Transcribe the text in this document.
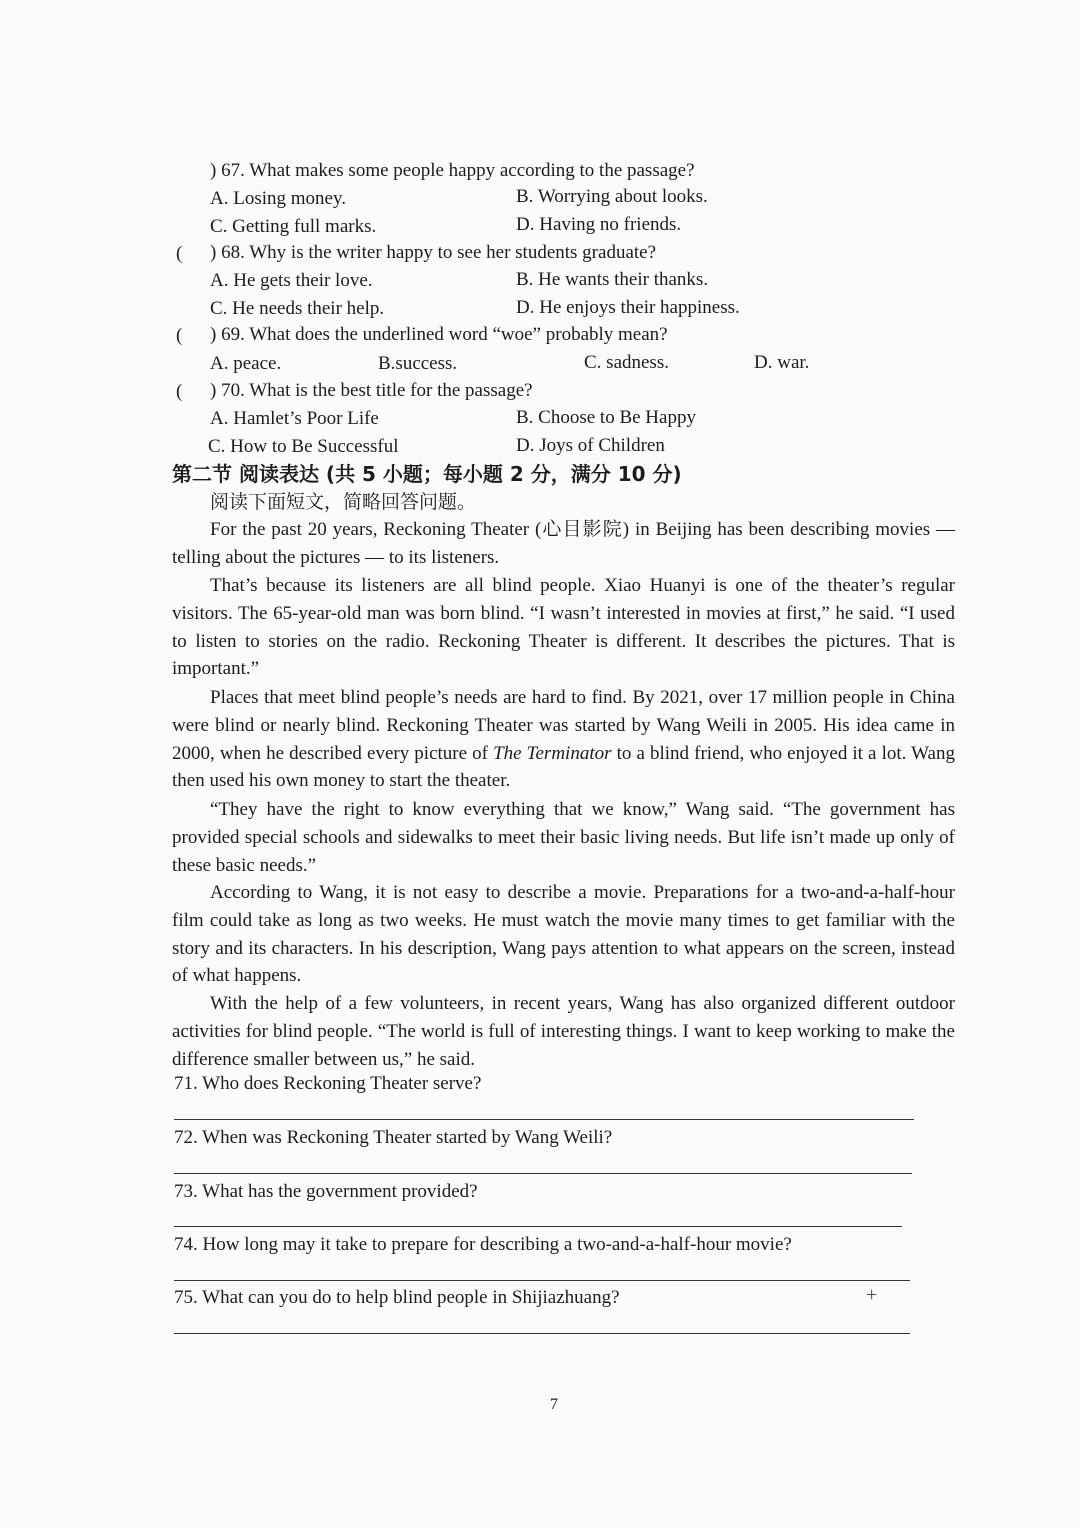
) 67. What makes some people happy according to the passage?
A. Losing money.	B. Worrying about looks.
C. Getting full marks.	D. Having no friends.
( ) 68. Why is the writer happy to see her students graduate?
A. He gets their love.	B. He wants their thanks.
C. He needs their help.	D. He enjoys their happiness.
( ) 69. What does the underlined word “woe” probably mean?
A. peace.	B.success.	C. sadness.	D. war.
( ) 70. What is the best title for the passage?
A. Hamlet’s Poor Life	B. Choose to Be Happy
C. How to Be Successful	D. Joys of Children
第二节 阅读表达 (共 5 小题；每小题 2 分，满分 10 分)
阅读下面短文，简略回答问题。
For the past 20 years, Reckoning Theater (心目影院) in Beijing has been describing movies — telling about the pictures — to its listeners.
That’s because its listeners are all blind people. Xiao Huanyi is one of the theater’s regular visitors. The 65-year-old man was born blind. “I wasn’t interested in movies at first,” he said. “I used to listen to stories on the radio. Reckoning Theater is different. It describes the pictures. That is important.”
Places that meet blind people’s needs are hard to find. By 2021, over 17 million people in China were blind or nearly blind. Reckoning Theater was started by Wang Weili in 2005. His idea came in 2000, when he described every picture of The Terminator to a blind friend, who enjoyed it a lot. Wang then used his own money to start the theater.
“They have the right to know everything that we know,” Wang said. “The government has provided special schools and sidewalks to meet their basic living needs. But life isn’t made up only of these basic needs.”
According to Wang, it is not easy to describe a movie. Preparations for a two-and-a-half-hour film could take as long as two weeks. He must watch the movie many times to get familiar with the story and its characters. In his description, Wang pays attention to what appears on the screen, instead of what happens.
With the help of a few volunteers, in recent years, Wang has also organized different outdoor activities for blind people. “The world is full of interesting things. I want to keep working to make the difference smaller between us,” he said.
71. Who does Reckoning Theater serve?
72. When was Reckoning Theater started by Wang Weili?
73. What has the government provided?
74. How long may it take to prepare for describing a two-and-a-half-hour movie?
75. What can you do to help blind people in Shijiazhuang?	+
7
